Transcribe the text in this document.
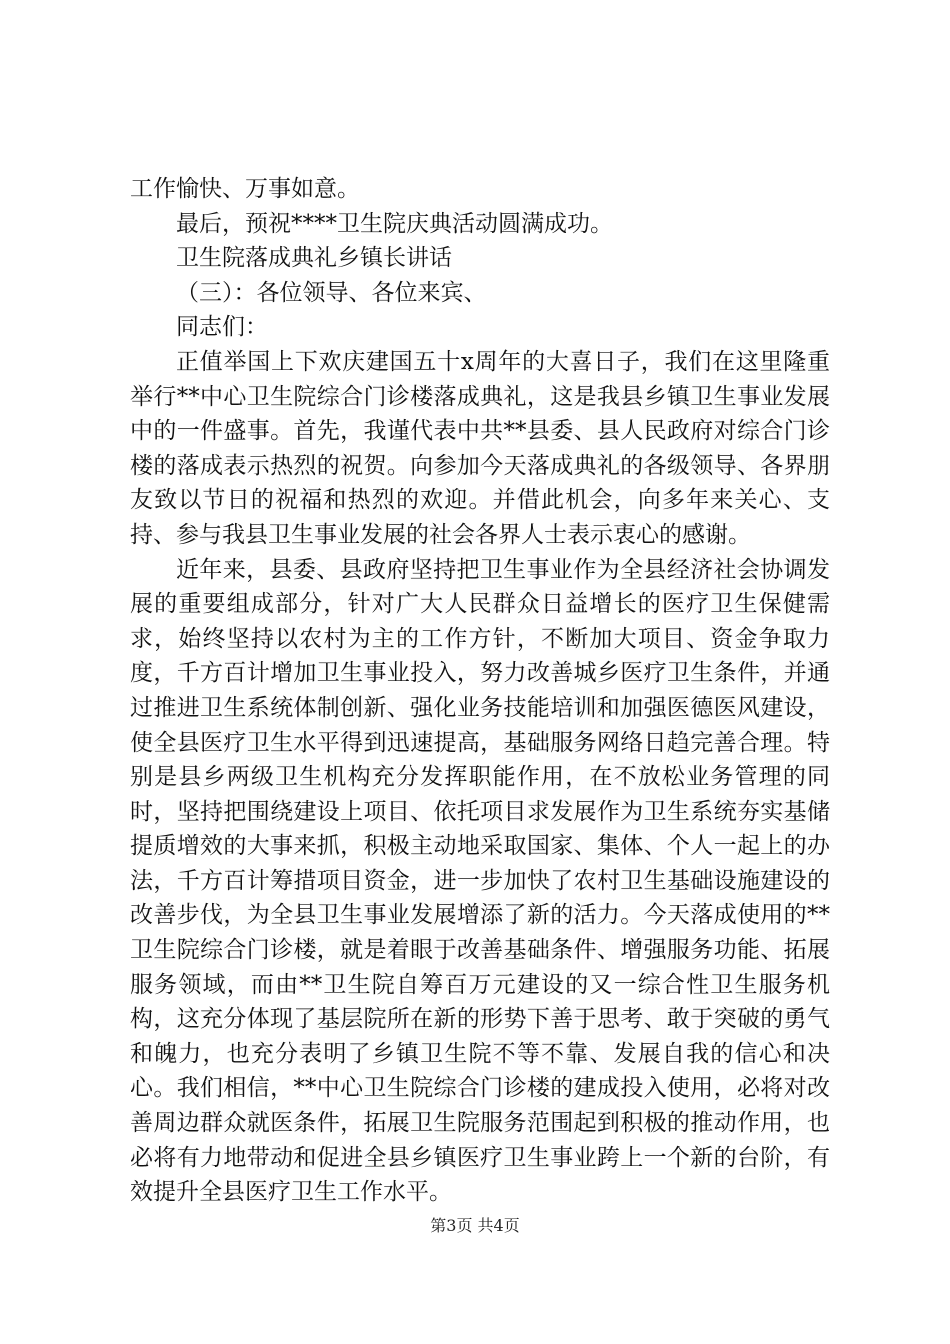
工作愉快、万事如意。

最后，预祝****卫生院庆典活动圆满成功。

卫生院落成典礼乡镇长讲话

（三）：各位领导、各位来宾、

同志们：

正值举国上下欢庆建国五十x周年的大喜日子，我们在这里隆重举行**中心卫生院综合门诊楼落成典礼，这是我县乡镇卫生事业发展中的一件盛事。首先，我谨代表中共**县委、县人民政府对综合门诊楼的落成表示热烈的祝贺。向参加今天落成典礼的各级领导、各界朋友致以节日的祝福和热烈的欢迎。并借此机会，向多年来关心、支持、参与我县卫生事业发展的社会各界人士表示衷心的感谢。

近年来，县委、县政府坚持把卫生事业作为全县经济社会协调发展的重要组成部分，针对广大人民群众日益增长的医疗卫生保健需求，始终坚持以农村为主的工作方针，不断加大项目、资金争取力度，千方百计增加卫生事业投入，努力改善城乡医疗卫生条件，并通过推进卫生系统体制创新、强化业务技能培训和加强医德医风建设，使全县医疗卫生水平得到迅速提高，基础服务网络日趋完善合理。特别是县乡两级卫生机构充分发挥职能作用，在不放松业务管理的同时，坚持把围绕建设上项目、依托项目求发展作为卫生系统夯实基储提质增效的大事来抓，积极主动地采取国家、集体、个人一起上的办法，千方百计筹措项目资金，进一步加快了农村卫生基础设施建设的改善步伐，为全县卫生事业发展增添了新的活力。今天落成使用的**卫生院综合门诊楼，就是着眼于改善基础条件、增强服务功能、拓展服务领域，而由**卫生院自筹百万元建设的又一综合性卫生服务机构，这充分体现了基层院所在新的形势下善于思考、敢于突破的勇气和魄力，也充分表明了乡镇卫生院不等不靠、发展自我的信心和决心。我们相信，**中心卫生院综合门诊楼的建成投入使用，必将对改善周边群众就医条件，拓展卫生院服务范围起到积极的推动作用，也必将有力地带动和促进全县乡镇医疗卫生事业跨上一个新的台阶，有效提升全县医疗卫生工作水平。

第3页 共4页
